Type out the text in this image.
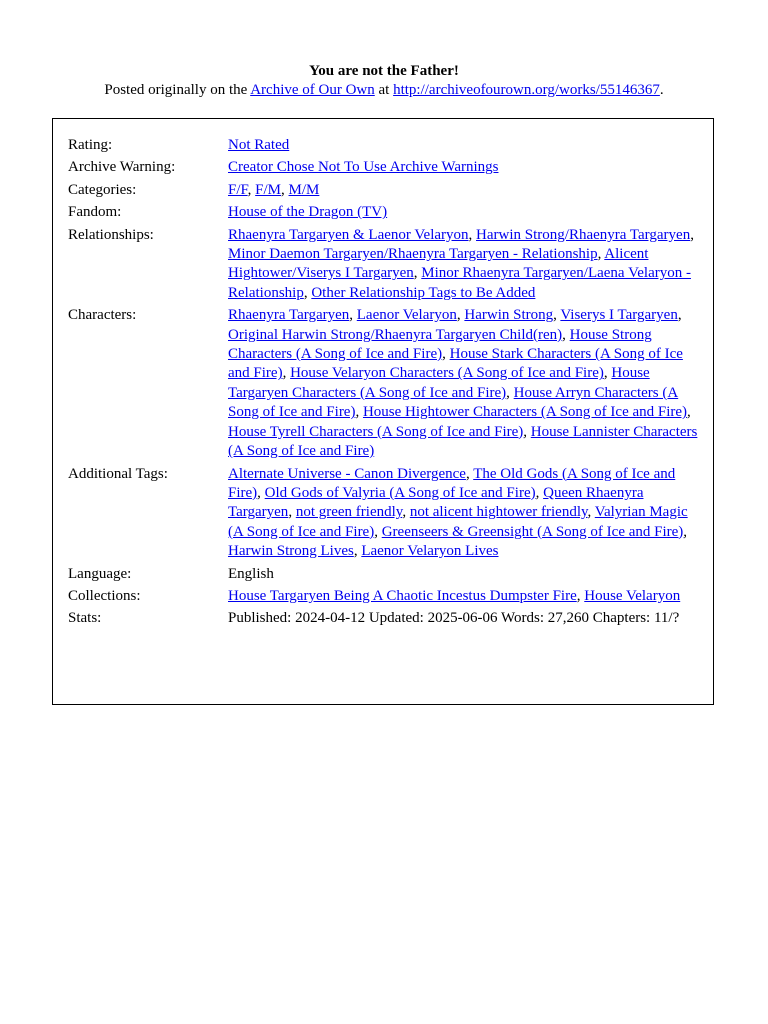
You are not the Father!
Posted originally on the Archive of Our Own at http://archiveofourown.org/works/55146367.
Rating:	Not Rated
Archive Warning:	Creator Chose Not To Use Archive Warnings
Categories:	F/F, F/M, M/M
Fandom:	House of the Dragon (TV)
Relationships:	Rhaenyra Targaryen & Laenor Velaryon, Harwin Strong/Rhaenyra Targaryen, Minor Daemon Targaryen/Rhaenyra Targaryen - Relationship, Alicent Hightower/Viserys I Targaryen, Minor Rhaenyra Targaryen/Laena Velaryon - Relationship, Other Relationship Tags to Be Added
Characters:	Rhaenyra Targaryen, Laenor Velaryon, Harwin Strong, Viserys I Targaryen, Original Harwin Strong/Rhaenyra Targaryen Child(ren), House Strong Characters (A Song of Ice and Fire), House Stark Characters (A Song of Ice and Fire), House Velaryon Characters (A Song of Ice and Fire), House Targaryen Characters (A Song of Ice and Fire), House Arryn Characters (A Song of Ice and Fire), House Hightower Characters (A Song of Ice and Fire), House Tyrell Characters (A Song of Ice and Fire), House Lannister Characters (A Song of Ice and Fire)
Additional Tags:	Alternate Universe - Canon Divergence, The Old Gods (A Song of Ice and Fire), Old Gods of Valyria (A Song of Ice and Fire), Queen Rhaenyra Targaryen, not green friendly, not alicent hightower friendly, Valyrian Magic (A Song of Ice and Fire), Greenseers & Greensight (A Song of Ice and Fire), Harwin Strong Lives, Laenor Velaryon Lives
Language:	English
Collections:	House Targaryen Being A Chaotic Incestus Dumpster Fire, House Velaryon
Stats:	Published: 2024-04-12 Updated: 2025-06-06 Words: 27,260 Chapters: 11/?
